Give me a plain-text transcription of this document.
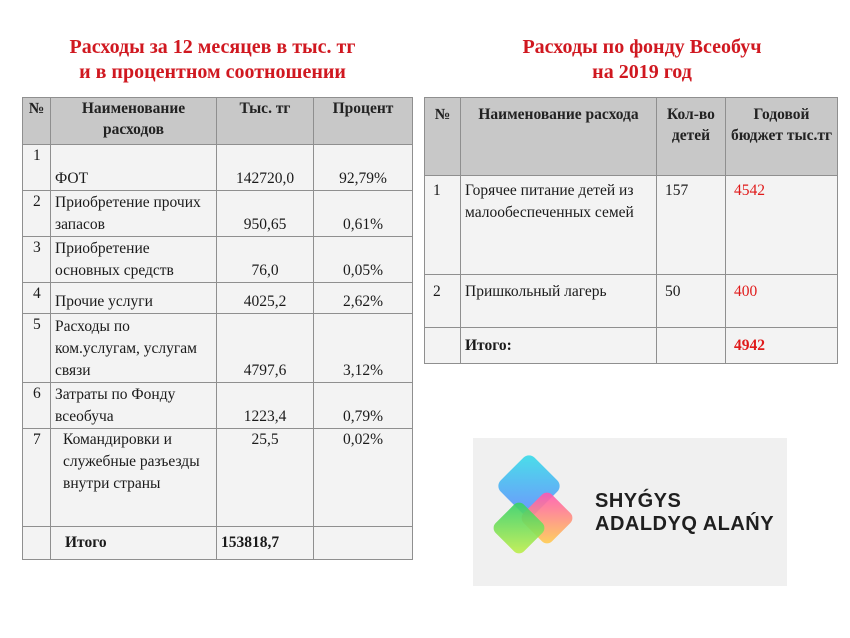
Расходы за 12 месяцев в тыс. тг
и в процентном соотношении
Расходы по фонду Всеобуч
на 2019 год
№	Наименование расходов	Тыс. тг	Процент
1	ФОТ	142720,0	92,79%
2	Приобретение прочих запасов	950,65	0,61%
3	Приобретение основных средств	76,0	0,05%
4	Прочие услуги	4025,2	2,62%
5	Расходы по ком.услугам, услугам связи	4797,6	3,12%
6	Затраты по Фонду всеобуча	1223,4	0,79%
7	Командировки и служебные разъезды внутри страны	25,5	0,02%
	Итого	153818,7	
№	Наименование расхода	Кол-во детей	Годовой бюджет тыс.тг
1	Горячее питание детей из малообеспеченных семей	157	4542
2	Пришкольный лагерь	50	400
	Итого:		4942
SHYǴYS
ADALDYQ ALAŃY
